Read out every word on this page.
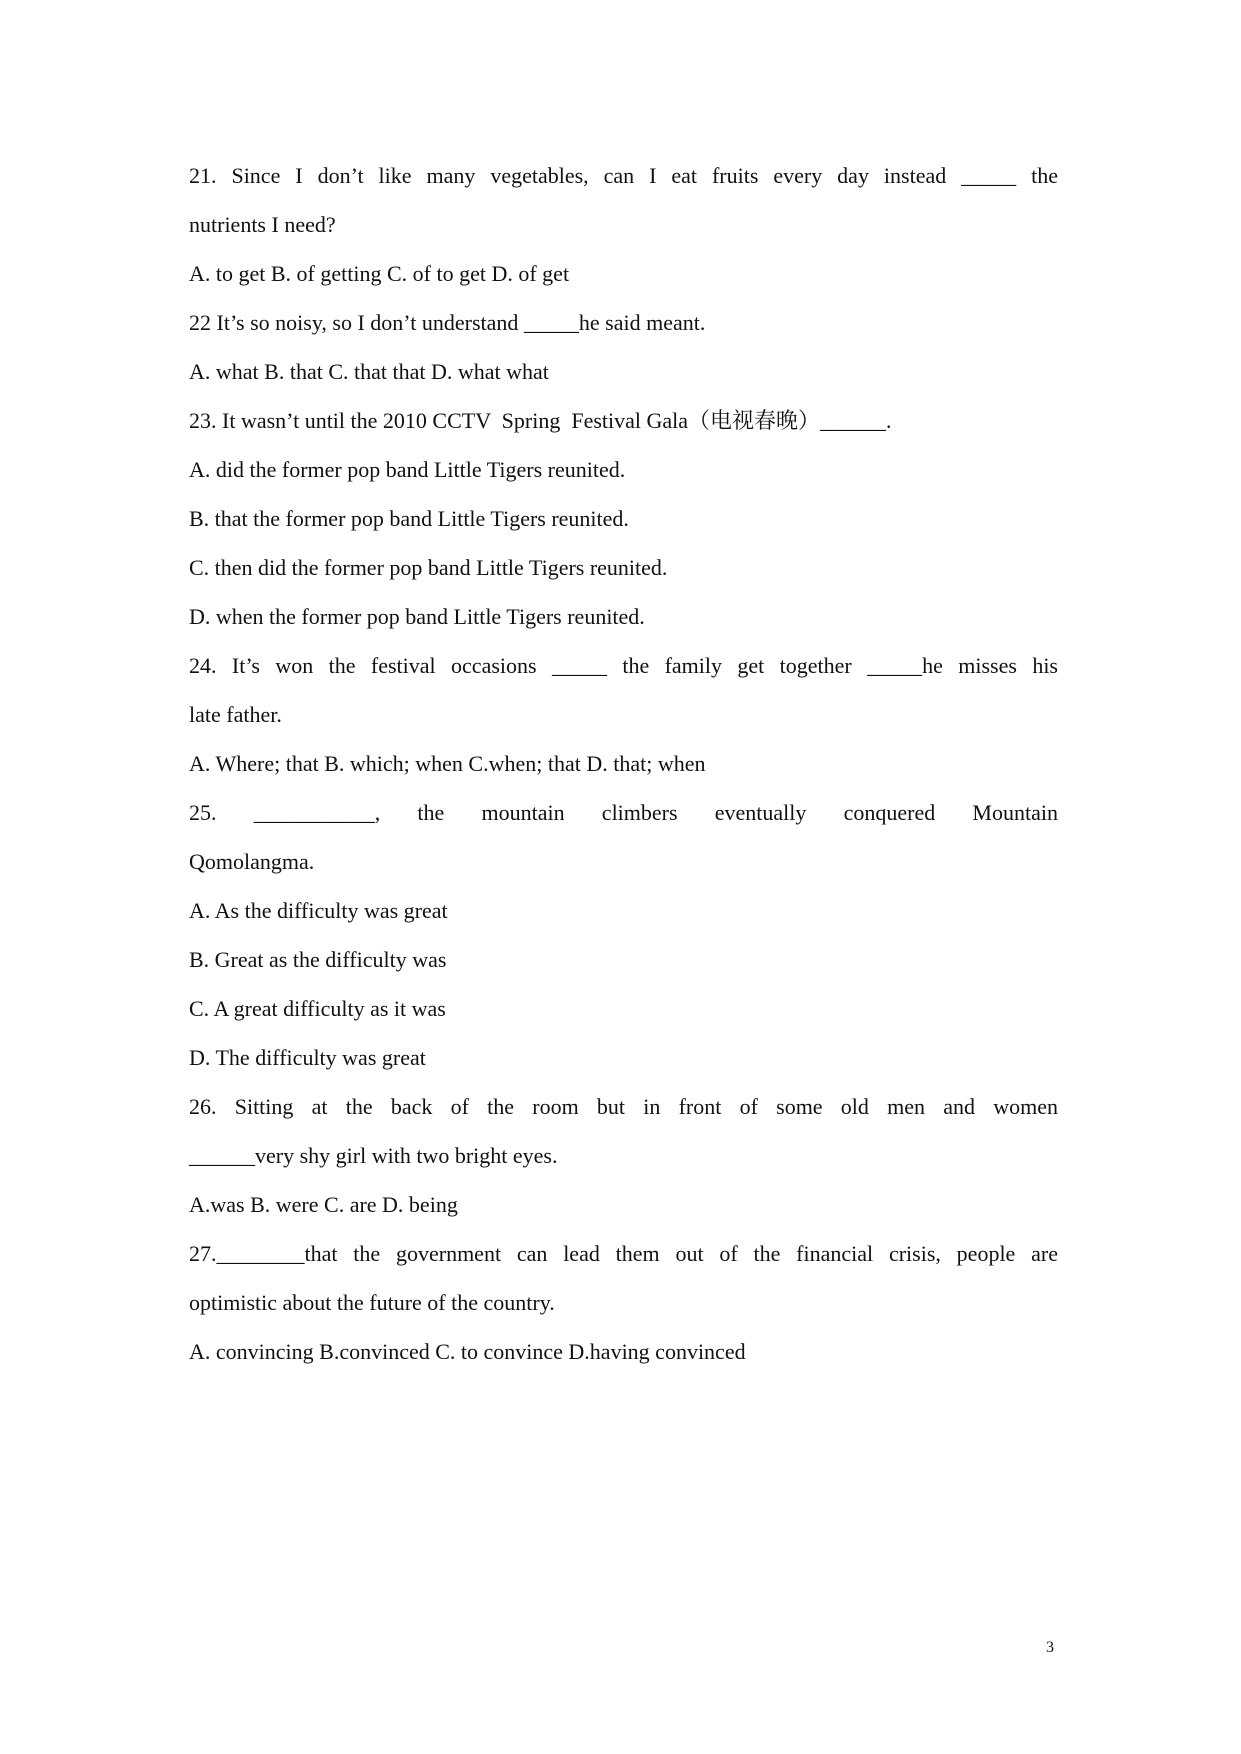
21. Since I don’t like many vegetables, can I eat fruits every day instead _____ the
nutrients I need?
A. to get B. of getting C. of to get D. of get
22 It’s so noisy, so I don’t understand _____he said meant.
A. what B. that C. that that D. what what
23. It wasn’t until the 2010 CCTV  Spring  Festival Gala（电视春晚）______.
A. did the former pop band Little Tigers reunited.
B. that the former pop band Little Tigers reunited.
C. then did the former pop band Little Tigers reunited.
D. when the former pop band Little Tigers reunited.
24. It’s won the festival occasions _____ the family get together _____he misses his
late father.
A. Where; that B. which; when C.when; that D. that; when
25. ___________, the mountain climbers eventually conquered Mountain
Qomolangma.
A. As the difficulty was great
B. Great as the difficulty was
C. A great difficulty as it was
D. The difficulty was great
26. Sitting at the back of the room but in front of some old men and women
______very shy girl with two bright eyes.
A.was B. were C. are D. being
27.________that the government can lead them out of the financial crisis, people are
optimistic about the future of the country.
A. convincing B.convinced C. to convince D.having convinced
3
